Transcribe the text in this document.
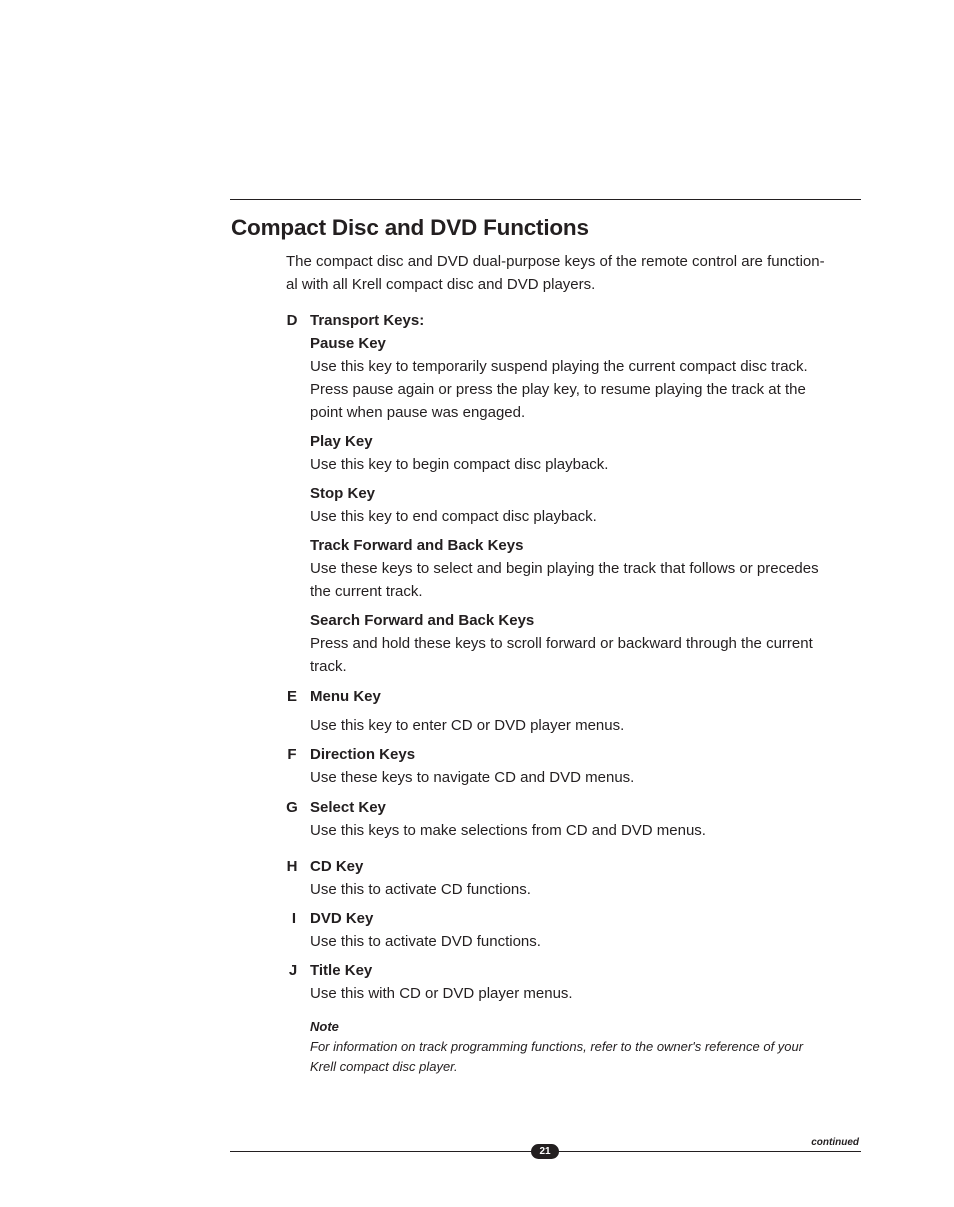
Compact Disc and DVD Functions
The compact disc and DVD dual-purpose keys of the remote control are function-
al with all Krell compact disc and DVD players.
D Transport Keys:
Pause Key
Use this key to temporarily suspend playing the current compact disc track.
Press pause again or press the play key, to resume playing the track at the
point when pause was engaged.
Play Key
Use this key to begin compact disc playback.
Stop Key
Use this key to end compact disc playback.
Track Forward and Back Keys
Use these keys to select and begin playing the track that follows or precedes
the current track.
Search Forward and Back Keys
Press and hold these keys to scroll forward or backward through the current
track.
E Menu Key
Use this key to enter CD or DVD player menus.
F Direction Keys
Use these keys to navigate CD and DVD menus.
G Select Key
Use this keys to make selections from CD and DVD menus.
H CD Key
Use this to activate CD functions.
I DVD Key
Use this to activate DVD functions.
J Title Key
Use this with CD or DVD player menus.
Note
For information on track programming functions, refer to the owner's reference of your
Krell compact disc player.
continued
21
